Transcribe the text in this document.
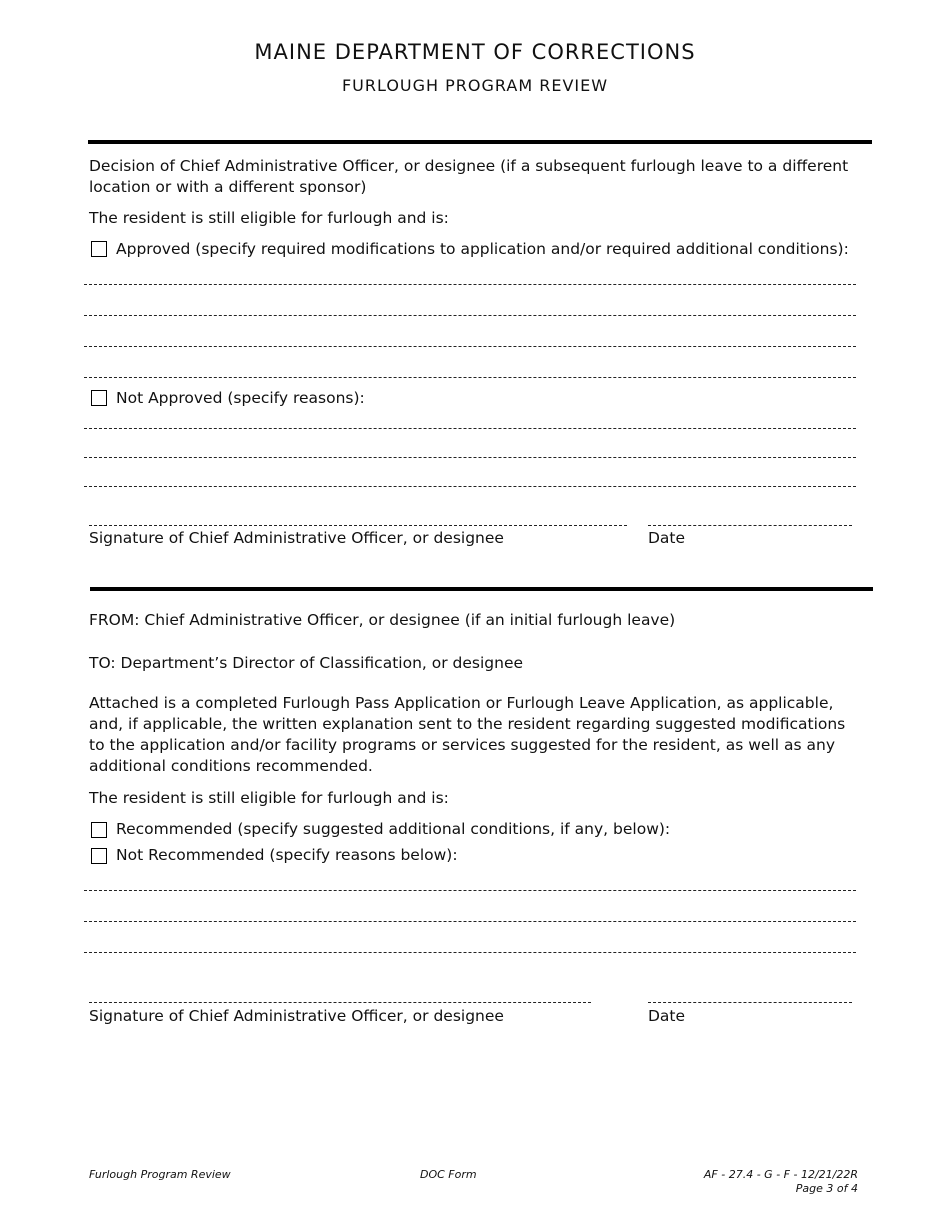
MAINE DEPARTMENT OF CORRECTIONS
FURLOUGH PROGRAM REVIEW
Decision of Chief Administrative Officer, or designee (if a subsequent furlough leave to a different location or with a different sponsor)
The resident is still eligible for furlough and is:
Approved (specify required modifications to application and/or required additional conditions):
Not Approved (specify reasons):
Signature of Chief Administrative Officer, or designee	Date
FROM: Chief Administrative Officer, or designee (if an initial furlough leave)
TO: Department’s Director of Classification, or designee
Attached is a completed Furlough Pass Application or Furlough Leave Application, as applicable, and, if applicable, the written explanation sent to the resident regarding suggested modifications to the application and/or facility programs or services suggested for the resident, as well as any additional conditions recommended.
The resident is still eligible for furlough and is:
Recommended (specify suggested additional conditions, if any, below):
Not Recommended (specify reasons below):
Signature of Chief Administrative Officer, or designee	Date
Furlough Program Review	DOC Form	AF - 27.4 - G - F - 12/21/22R
Page 3 of 4
